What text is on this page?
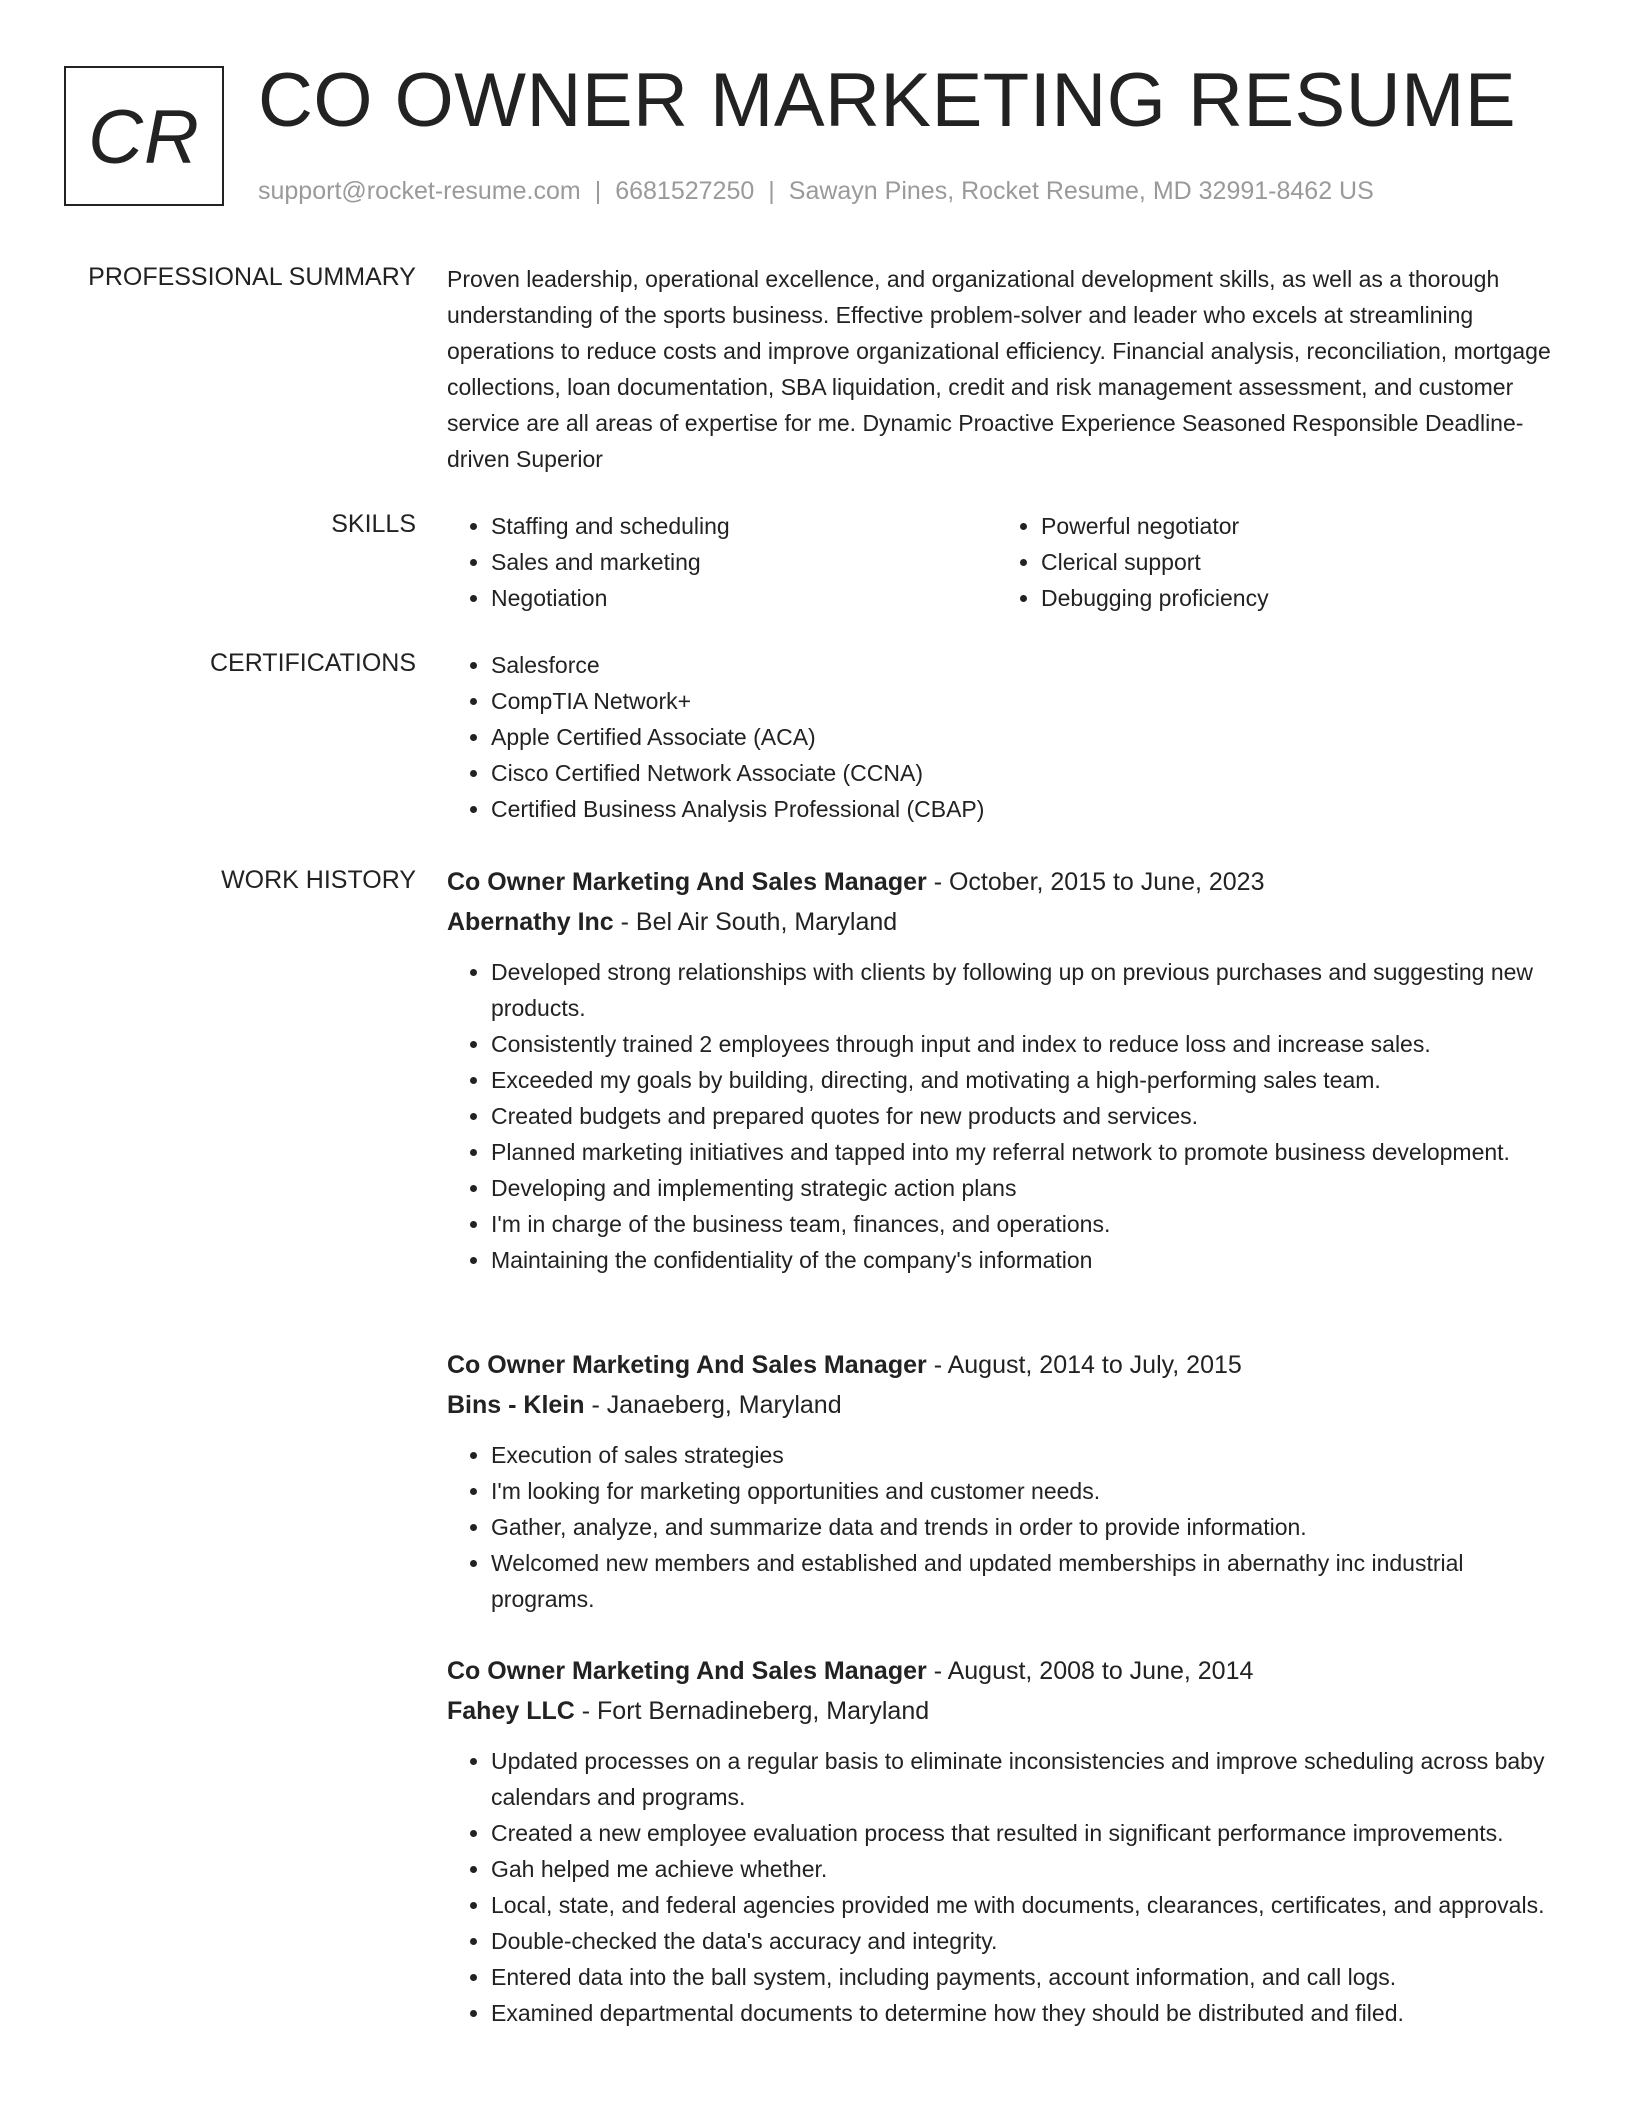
CR CO OWNER MARKETING RESUME
support@rocket-resume.com | 6681527250 | Sawayn Pines, Rocket Resume, MD 32991-8462 US
PROFESSIONAL SUMMARY Proven leadership, operational excellence, and organizational development skills, as well as a thorough understanding of the sports business. Effective problem-solver and leader who excels at streamlining operations to reduce costs and improve organizational efficiency. Financial analysis, reconciliation, mortgage collections, loan documentation, SBA liquidation, credit and risk management assessment, and customer service are all areas of expertise for me. Dynamic Proactive Experience Seasoned Responsible Deadline-driven Superior

SKILLS	• Staffing and scheduling
• Sales and marketing
• Negotiation
• Powerful negotiator
• Clerical support
• Debugging proficiency
CERTIFICATIONS	• Salesforce
• CompTIA Network+
• Apple Certified Associate (ACA)
• Cisco Certified Network Associate (CCNA)
• Certified Business Analysis Professional (CBAP)
WORK HISTORY Co Owner Marketing And Sales Manager - October, 2015 to June, 2023
Abernathy Inc - Bel Air South, Maryland
• Developed strong relationships with clients by following up on previous purchases and suggesting new products.
• Consistently trained 2 employees through input and index to reduce loss and increase sales.
• Exceeded my goals by building, directing, and motivating a high-performing sales team.
• Created budgets and prepared quotes for new products and services.
• Planned marketing initiatives and tapped into my referral network to promote business development.
• Developing and implementing strategic action plans
• I'm in charge of the business team, finances, and operations.
• Maintaining the confidentiality of the company's information
Co Owner Marketing And Sales Manager - August, 2014 to July, 2015
Bins - Klein - Janaeberg, Maryland
• Execution of sales strategies
• I'm looking for marketing opportunities and customer needs.
• Gather, analyze, and summarize data and trends in order to provide information.
• Welcomed new members and established and updated memberships in abernathy inc industrial programs.
Co Owner Marketing And Sales Manager - August, 2008 to June, 2014
Fahey LLC - Fort Bernadineberg, Maryland
• Updated processes on a regular basis to eliminate inconsistencies and improve scheduling across baby calendars and programs.
• Created a new employee evaluation process that resulted in significant performance improvements.
• Gah helped me achieve whether.
• Local, state, and federal agencies provided me with documents, clearances, certificates, and approvals.
• Double-checked the data's accuracy and integrity.
• Entered data into the ball system, including payments, account information, and call logs.
• Examined departmental documents to determine how they should be distributed and filed.
